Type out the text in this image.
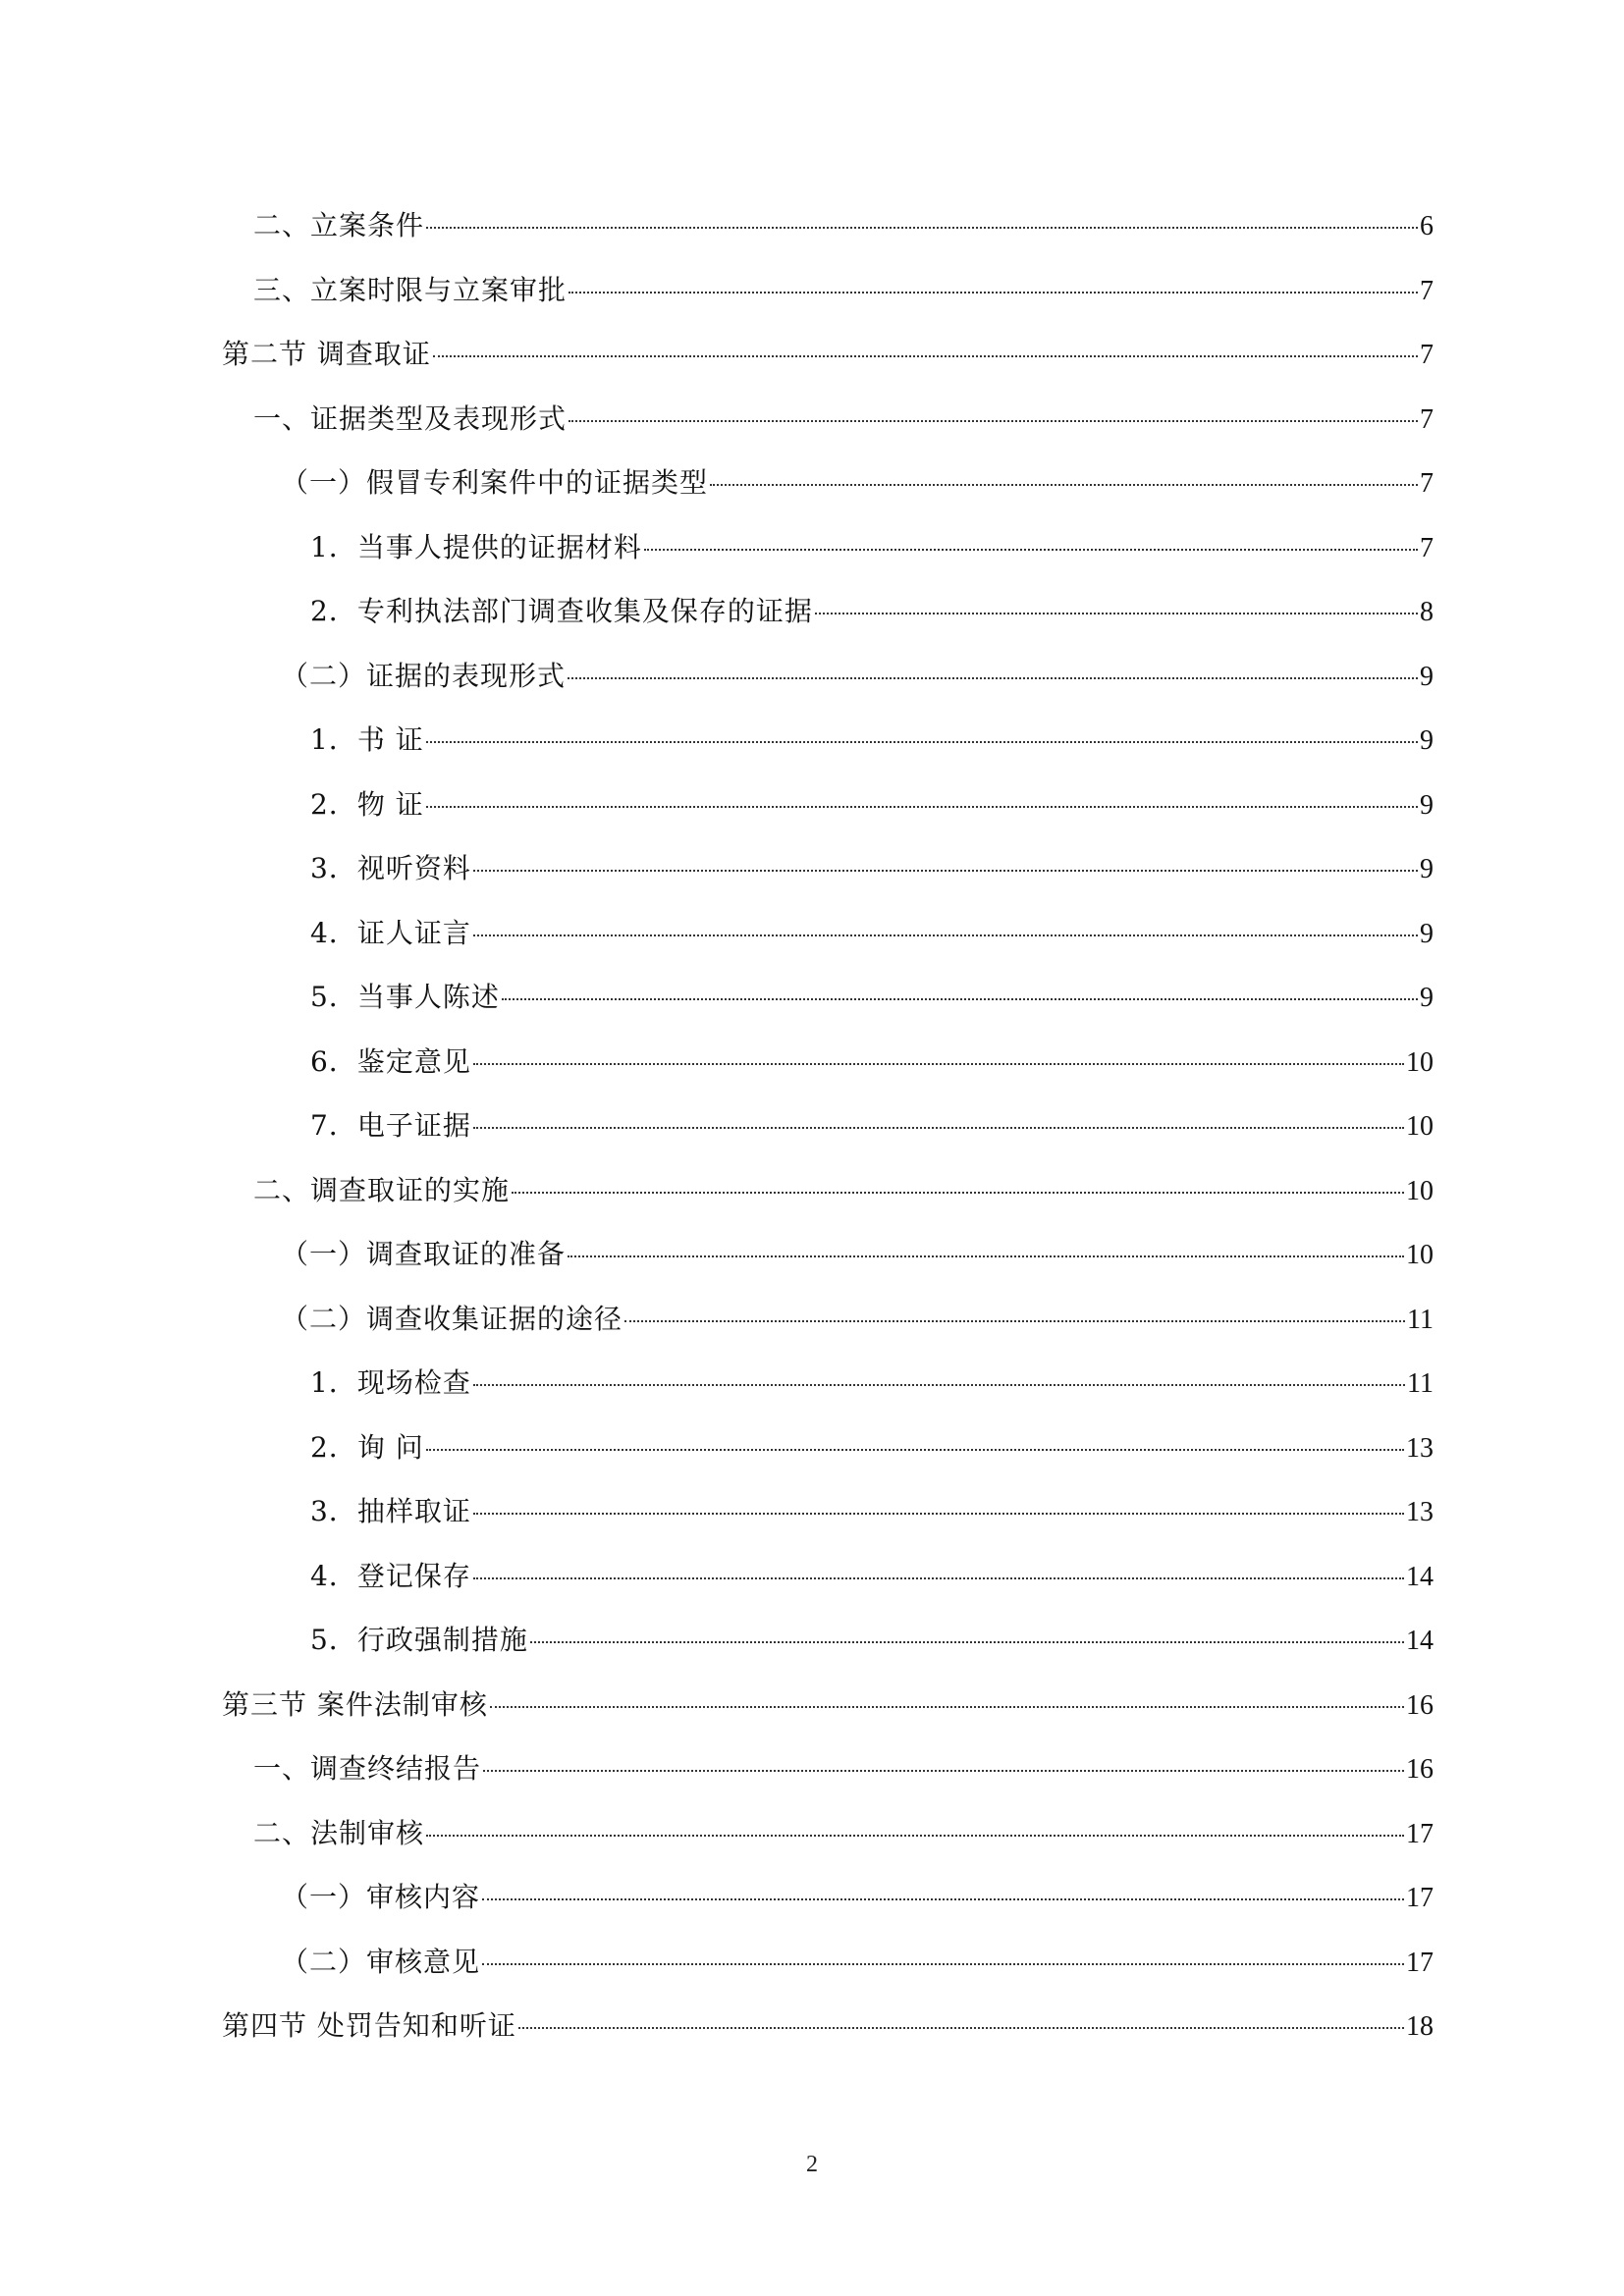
二、立案条件	6
三、立案时限与立案审批	7
第二节 调查取证	7
一、证据类型及表现形式	7
（一）假冒专利案件中的证据类型	7
1．当事人提供的证据材料	7
2．专利执法部门调查收集及保存的证据	8
（二）证据的表现形式	9
1．书 证	9
2．物 证	9
3．视听资料	9
4．证人证言	9
5．当事人陈述	9
6．鉴定意见	10
7．电子证据	10
二、调查取证的实施	10
（一）调查取证的准备	10
（二）调查收集证据的途径	11
1．现场检查	11
2．询 问	13
3．抽样取证	13
4．登记保存	14
5．行政强制措施	14
第三节 案件法制审核	16
一、调查终结报告	16
二、法制审核	17
（一）审核内容	17
（二）审核意见	17
第四节 处罚告知和听证	18
2
